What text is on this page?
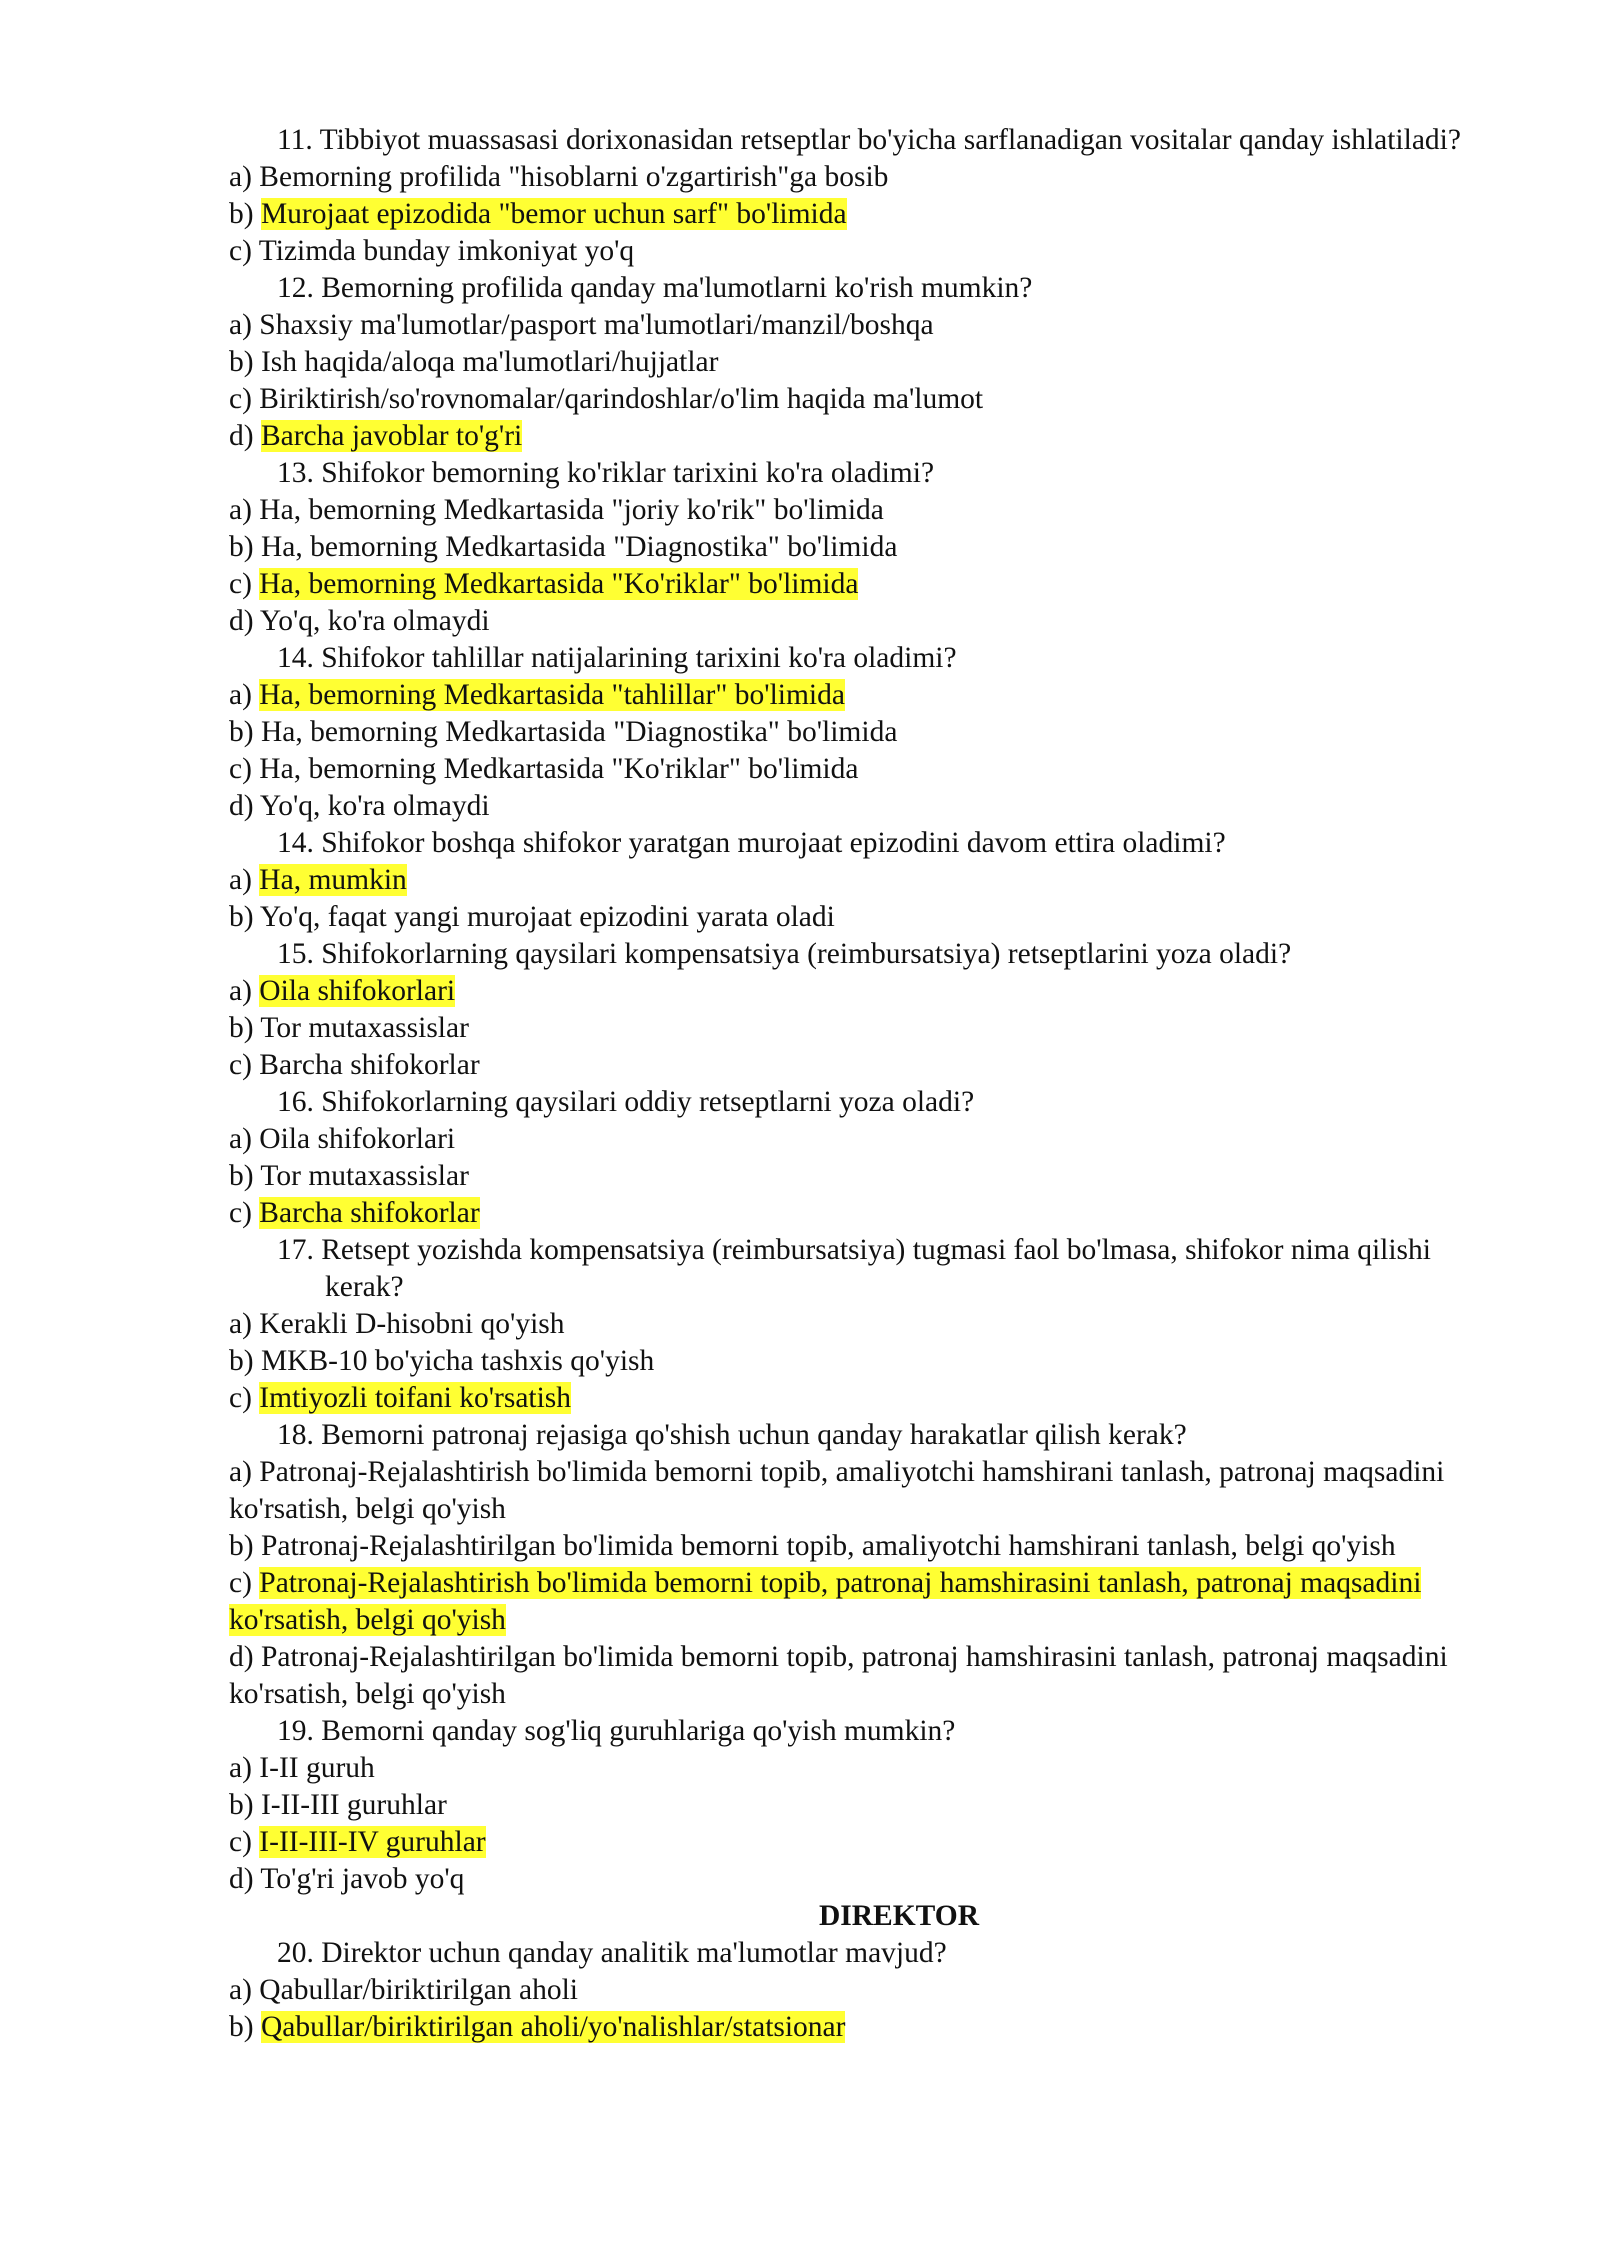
11. Tibbiyot muassasasi dorixonasidan retseptlar bo'yicha sarflanadigan vositalar qanday ishlatiladi?
a) Bemorning profilida "hisoblarni o'zgartirish"ga bosib
b) Murojaat epizodida "bemor uchun sarf" bo'limida
c) Tizimda bunday imkoniyat yo'q
12. Bemorning profilida qanday ma'lumotlarni ko'rish mumkin?
a) Shaxsiy ma'lumotlar/pasport ma'lumotlari/manzil/boshqa
b) Ish haqida/aloqa ma'lumotlari/hujjatlar
c) Biriktirish/so'rovnomalar/qarindoshlar/o'lim haqida ma'lumot
d) Barcha javoblar to'g'ri
13. Shifokor bemorning ko'riklar tarixini ko'ra oladimi?
a) Ha, bemorning Medkartasida "joriy ko'rik" bo'limida
b) Ha, bemorning Medkartasida "Diagnostika" bo'limida
c) Ha, bemorning Medkartasida "Ko'riklar" bo'limida
d) Yo'q, ko'ra olmaydi
14. Shifokor tahlillar natijalarining tarixini ko'ra oladimi?
a) Ha, bemorning Medkartasida "tahlillar" bo'limida
b) Ha, bemorning Medkartasida "Diagnostika" bo'limida
c) Ha, bemorning Medkartasida "Ko'riklar" bo'limida
d) Yo'q, ko'ra olmaydi
14. Shifokor boshqa shifokor yaratgan murojaat epizodini davom ettira oladimi?
a) Ha, mumkin
b) Yo'q, faqat yangi murojaat epizodini yarata oladi
15. Shifokorlarning qaysilari kompensatsiya (reimbursatsiya) retseptlarini yoza oladi?
a) Oila shifokorlari
b) Tor mutaxassislar
c) Barcha shifokorlar
16. Shifokorlarning qaysilari oddiy retseptlarni yoza oladi?
a) Oila shifokorlari
b) Tor mutaxassislar
c) Barcha shifokorlar
17. Retsept yozishda kompensatsiya (reimbursatsiya) tugmasi faol bo'lmasa, shifokor nima qilishi kerak?
a) Kerakli D-hisobni qo'yish
b) MKB-10 bo'yicha tashxis qo'yish
c) Imtiyozli toifani ko'rsatish
18. Bemorni patronaj rejasiga qo'shish uchun qanday harakatlar qilish kerak?
a) Patronaj-Rejalashtirish bo'limida bemorni topib, amaliyotchi hamshirani tanlash, patronaj maqsadini ko'rsatish, belgi qo'yish
b) Patronaj-Rejalashtirilgan bo'limida bemorni topib, amaliyotchi hamshirani tanlash, belgi qo'yish
c) Patronaj-Rejalashtirish bo'limida bemorni topib, patronaj hamshirasini tanlash, patronaj maqsadini ko'rsatish, belgi qo'yish
d) Patronaj-Rejalashtirilgan bo'limida bemorni topib, patronaj hamshirasini tanlash, patronaj maqsadini ko'rsatish, belgi qo'yish
19. Bemorni qanday sog'liq guruhlariga qo'yish mumkin?
a) I-II guruh
b) I-II-III guruhlar
c) I-II-III-IV guruhlar
d) To'g'ri javob yo'q
DIREKTOR
20. Direktor uchun qanday analitik ma'lumotlar mavjud?
a) Qabullar/biriktirilgan aholi
b) Qabullar/biriktirilgan aholi/yo'nalishlar/statsionar
